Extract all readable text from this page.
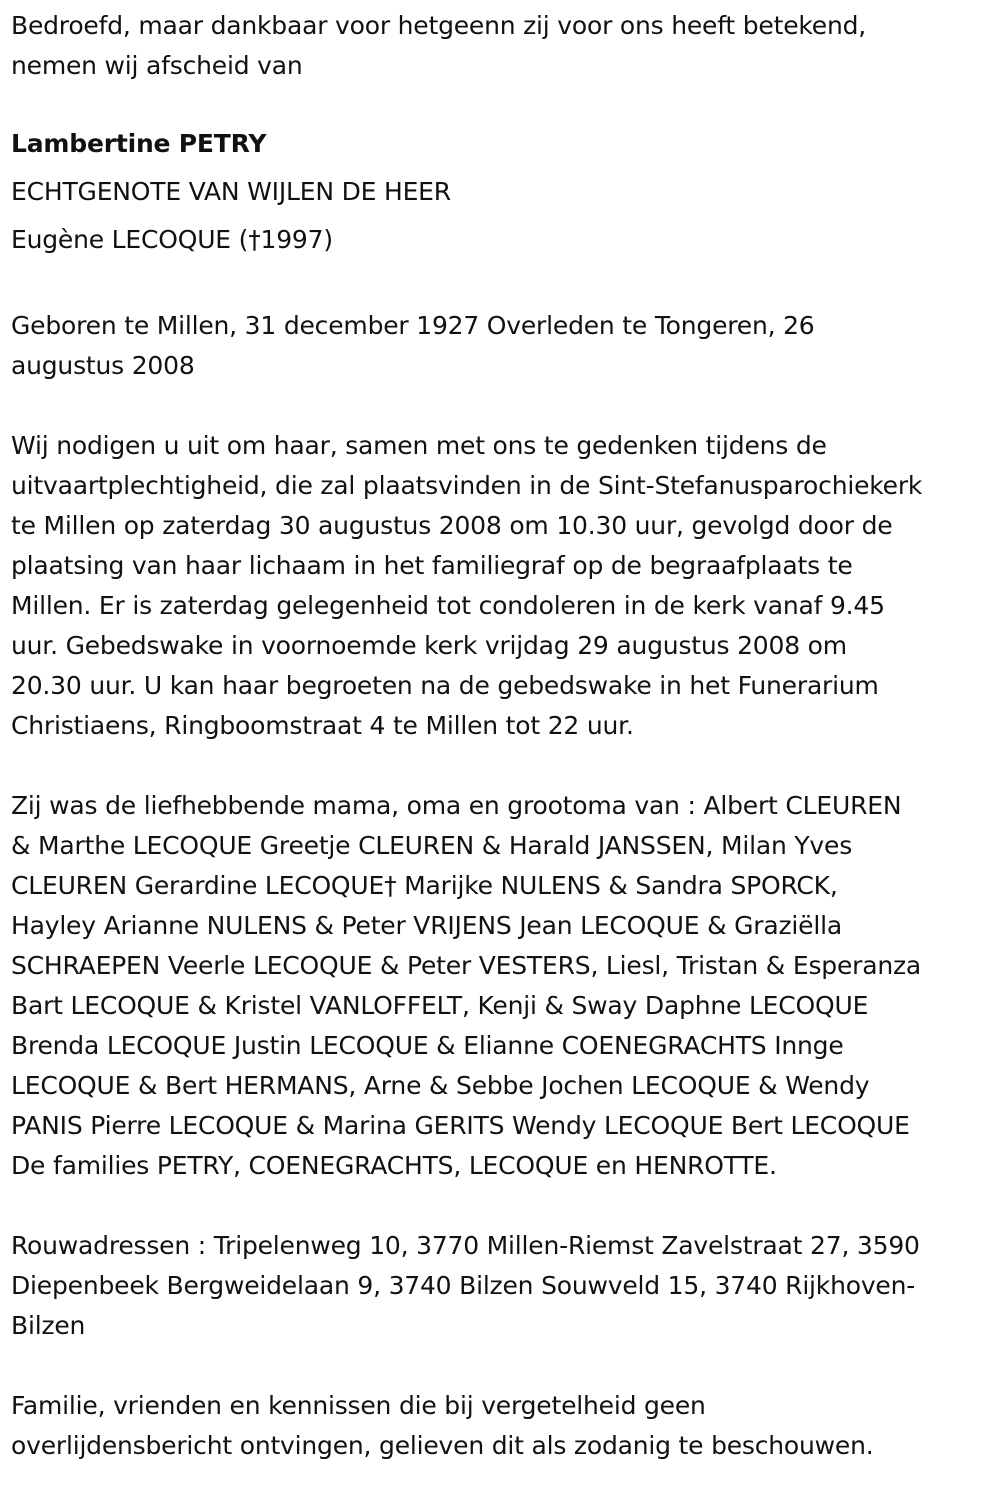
Bedroefd, maar dankbaar voor hetgeenn zij voor ons heeft betekend,
nemen wij afscheid van
Lambertine PETRY
ECHTGENOTE VAN WIJLEN DE HEER
Eugène LECOQUE (†1997)
Geboren te Millen, 31 december 1927 Overleden te Tongeren, 26
augustus 2008
Wij nodigen u uit om haar, samen met ons te gedenken tijdens de
uitvaartplechtigheid, die zal plaatsvinden in de Sint-Stefanusparochiekerk
te Millen op zaterdag 30 augustus 2008 om 10.30 uur, gevolgd door de
plaatsing van haar lichaam in het familiegraf op de begraafplaats te
Millen. Er is zaterdag gelegenheid tot condoleren in de kerk vanaf 9.45
uur. Gebedswake in voornoemde kerk vrijdag 29 augustus 2008 om
20.30 uur. U kan haar begroeten na de gebedswake in het Funerarium
Christiaens, Ringboomstraat 4 te Millen tot 22 uur.
Zij was de liefhebbende mama, oma en grootoma van : Albert CLEUREN
& Marthe LECOQUE Greetje CLEUREN & Harald JANSSEN, Milan Yves
CLEUREN Gerardine LECOQUE† Marijke NULENS & Sandra SPORCK,
Hayley Arianne NULENS & Peter VRIJENS Jean LECOQUE & Graziëlla
SCHRAEPEN Veerle LECOQUE & Peter VESTERS, Liesl, Tristan & Esperanza
Bart LECOQUE & Kristel VANLOFFELT, Kenji & Sway Daphne LECOQUE
Brenda LECOQUE Justin LECOQUE & Elianne COENEGRACHTS Innge
LECOQUE & Bert HERMANS, Arne & Sebbe Jochen LECOQUE & Wendy
PANIS Pierre LECOQUE & Marina GERITS Wendy LECOQUE Bert LECOQUE
De families PETRY, COENEGRACHTS, LECOQUE en HENROTTE.
Rouwadressen : Tripelenweg 10, 3770 Millen-Riemst Zavelstraat 27, 3590
Diepenbeek Bergweidelaan 9, 3740 Bilzen Souwveld 15, 3740 Rijkhoven-
Bilzen
Familie, vrienden en kennissen die bij vergetelheid geen
overlijdensbericht ontvingen, gelieven dit als zodanig te beschouwen.
